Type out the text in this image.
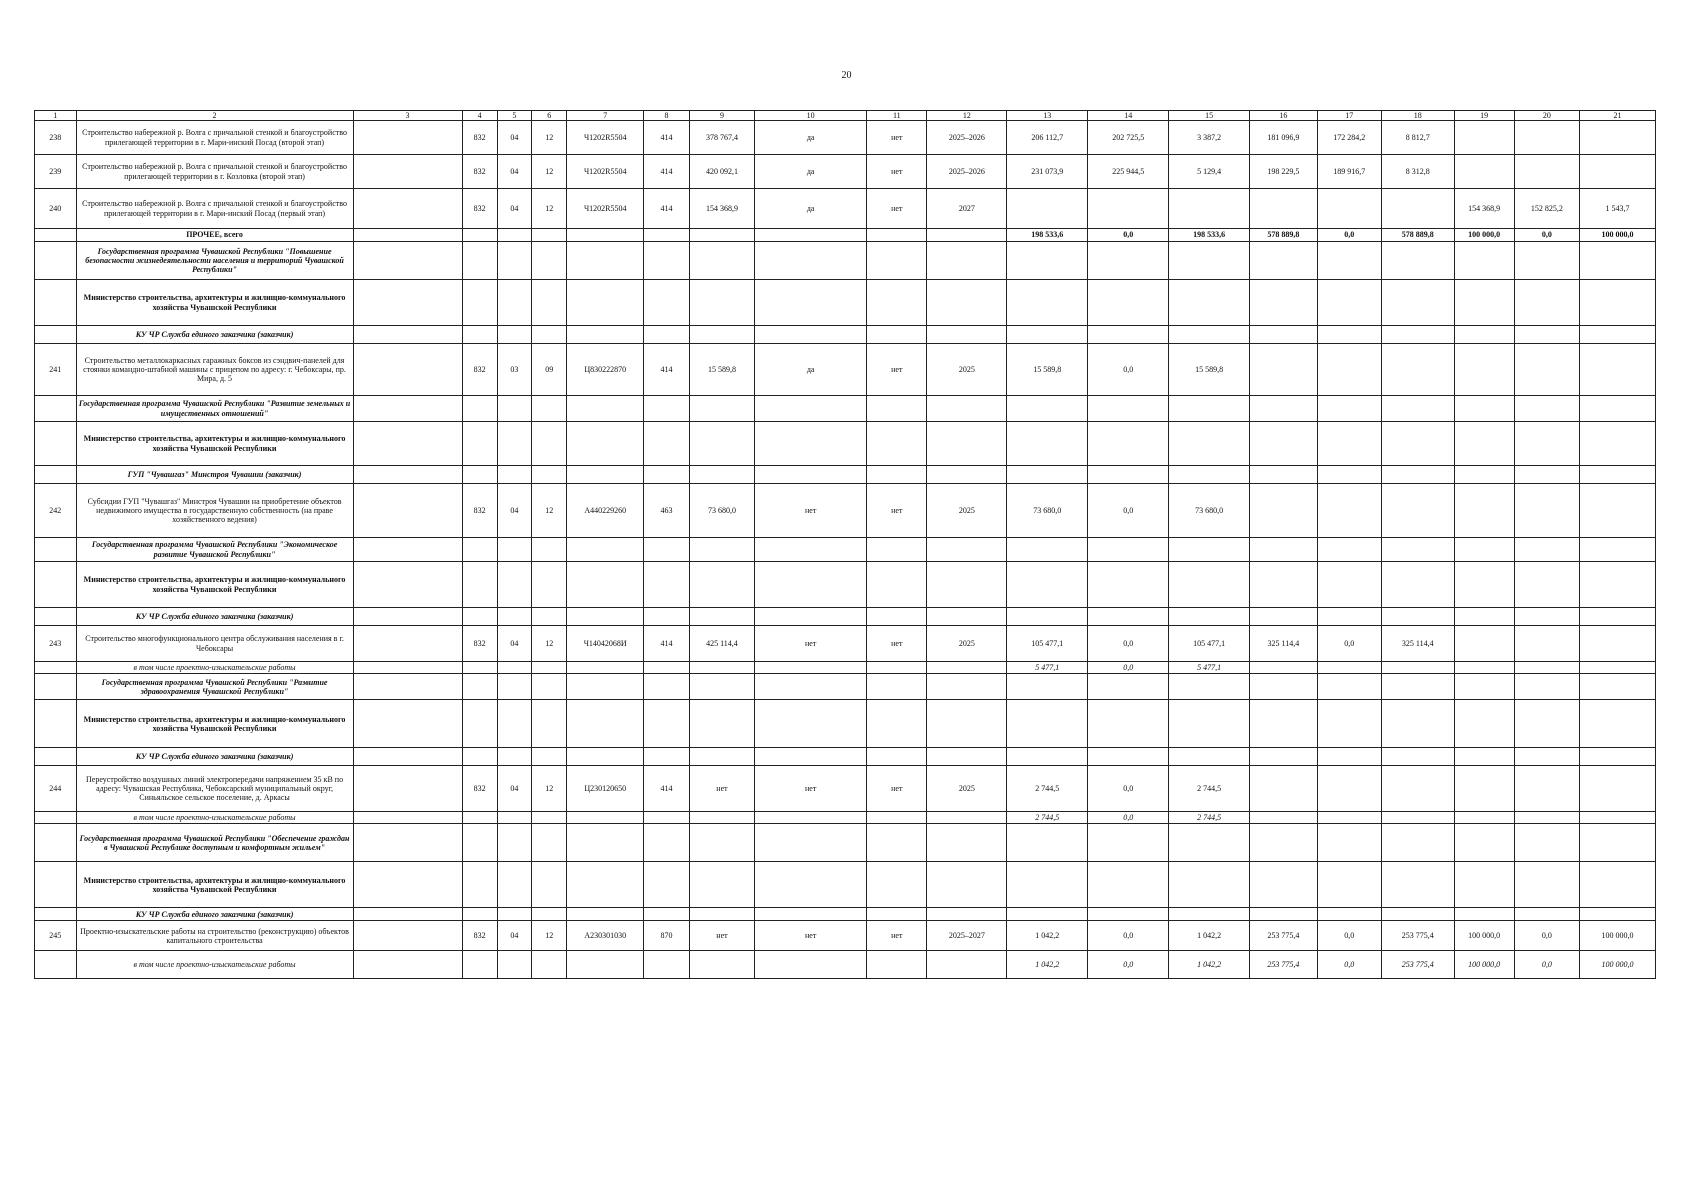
20
1	2	3	4	5	6	7	8	9	10	11	12	13	14	15	16	17	18	19	20	21
238	Строительство набережной р. Волга с причальной стенкой и благоустройство прилегающей территории в г. Мари-инский Посад (второй этап)		832	04	12	Ч1202R5504	414	378 767,4	да	нет	2025–2026	206 112,7	202 725,5	3 387,2	181 096,9	172 284,2	8 812,7			
239	Строительство набережной р. Волга с причальной стенкой и благоустройство прилегающей территории в г. Козловка (второй этап)		832	04	12	Ч1202R5504	414	420 092,1	да	нет	2025–2026	231 073,9	225 944,5	5 129,4	198 229,5	189 916,7	8 312,8			
240	Строительство набережной р. Волга с причальной стенкой и благоустройство прилегающей территории в г. Мари-инский Посад (первый этап)		832	04	12	Ч1202R5504	414	154 368,9	да	нет	2027							154 368,9	152 825,2	1 543,7
	ПРОЧЕЕ, всего											198 533,6	0,0	198 533,6	578 889,8	0,0	578 889,8	100 000,0	0,0	100 000,0
	Государственная программа Чувашской Республики "Повышение безопасности жизнедеятельности населения и территорий Чувашской Республики"																			
	Министерство строительства, архитектуры и жилищно-коммунального хозяйства Чувашской Республики																			
	КУ ЧР Служба единого заказчика (заказчик)																			
241	Строительство металлокаркасных гаражных боксов из сэндвич-панелей для стоянки командно-штабной машины с прицепом по адресу: г. Чебоксары, пр. Мира, д. 5		832	03	09	Ц830222870	414	15 589,8	да	нет	2025	15 589,8	0,0	15 589,8						
	Государственная программа Чувашской Республики "Развитие земельных и имущественных отношений"																			
	Министерство строительства, архитектуры и жилищно-коммунального хозяйства Чувашской Республики																			
	ГУП "Чувашгаз" Минстроя Чувашии (заказчик)																			
242	Субсидии ГУП "Чувашгаз" Минстроя Чувашии на приобретение объектов недвижимого имущества в государственную собственность (на праве хозяйственного ведения)		832	04	12	А440229260	463	73 680,0	нет	нет	2025	73 680,0	0,0	73 680,0						
	Государственная программа Чувашской Республики "Экономическое развитие Чувашской Республики"																			
	Министерство строительства, архитектуры и жилищно-коммунального хозяйства Чувашской Республики																			
	КУ ЧР Служба единого заказчика (заказчик)																			
243	Строительство многофункционального центра обслуживания населения в г. Чебоксары		832	04	12	Ч14042068И	414	425 114,4	нет	нет	2025	105 477,1	0,0	105 477,1	325 114,4	0,0	325 114,4			
	в том числе проектно-изыскательские работы											5 477,1	0,0	5 477,1						
	Государственная программа Чувашской Республики "Развитие здравоохранения Чувашской Республики"																			
	Министерство строительства, архитектуры и жилищно-коммунального хозяйства Чувашской Республики																			
	КУ ЧР Служба единого заказчика (заказчик)																			
244	Переустройство воздушных линий электропередачи напряжением 35 кВ по адресу: Чувашская Республика, Чебоксарский муниципальный округ, Синьяльское сельское поселение, д. Аркасы		832	04	12	Ц230120650	414	нет	нет	нет	2025	2 744,5	0,0	2 744,5						
	в том числе проектно-изыскательские работы											2 744,5	0,0	2 744,5						
	Государственная программа Чувашской Республики "Обеспечение граждан в Чувашской Республике доступным и комфортным жильем"																			
	Министерство строительства, архитектуры и жилищно-коммунального хозяйства Чувашской Республики																			
	КУ ЧР Служба единого заказчика (заказчик)																			
245	Проектно-изыскательские работы на строительство (реконструкцию) объектов капитального строительства		832	04	12	А230301030	870	нет	нет	нет	2025–2027	1 042,2	0,0	1 042,2	253 775,4	0,0	253 775,4	100 000,0	0,0	100 000,0
	в том числе проектно-изыскательские работы											1 042,2	0,0	1 042,2	253 775,4	0,0	253 775,4	100 000,0	0,0	100 000,0
